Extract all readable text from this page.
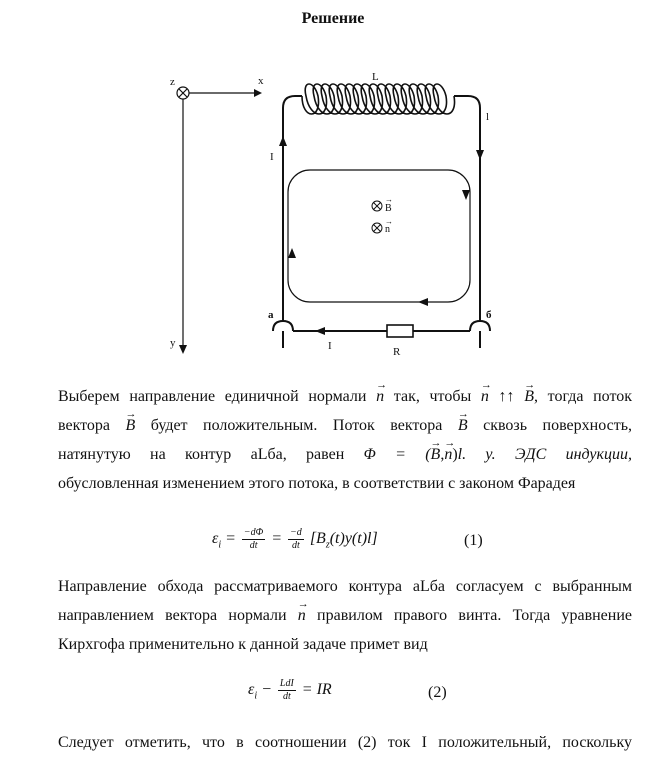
Решение
z	x
y
L
I
l
B
→
n
→
a	б
I	R
Выберем направление единичной нормали → n так, чтобы → n ↑↑ → B, тогда поток
вектора → B будет положительным. Поток вектора → B сквозь поверхность,
натянутую на контур aLба, равен Φ = (→ B,→ n)l. y. ЭДС индукции,
обусловленная изменением этого потока, в соответствии с законом Фарадея
$\varepsilon_i = \frac{-d\Phi}{dt} = \frac{-d}{dt} [B_z(t)y(t)l]$	(1)
Направление обхода рассматриваемого контура aLба согласуем с выбранным
направлением вектора нормали → n правилом правого винта. Тогда уравнение
Кирхгофа применительно к данной задаче примет вид
$\varepsilon_i - \frac{\text{LdI}}{dt}$ = IR	(2)
Следует отметить, что в соотношении (2) ток I положительный, поскольку
